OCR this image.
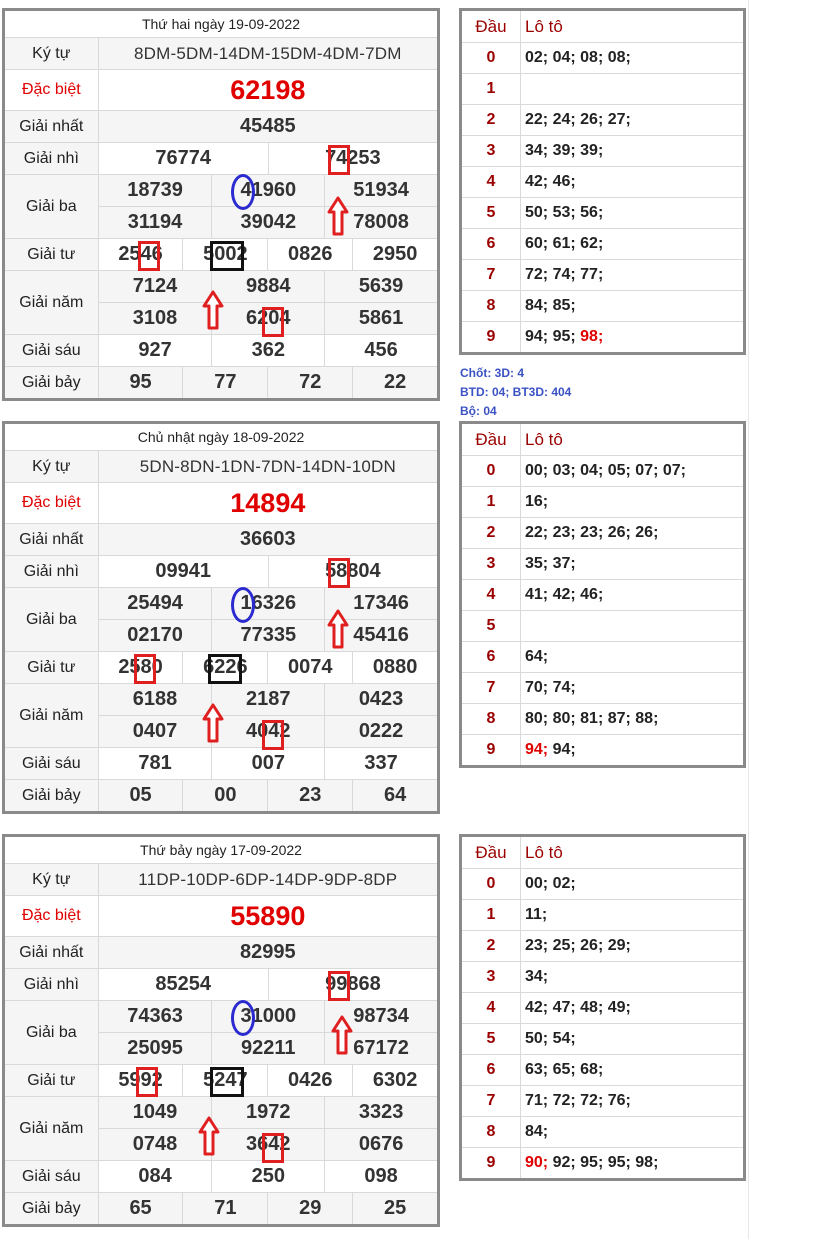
Thứ hai ngày 19-09-2022				
Ký tự	8DM-5DM-14DM-15DM-4DM-7DM			
Đặc biệt	62198			
Giải nhất	45485			
Giải nhì	76774		74253	
Giải ba	18739	41960		51934
	31194	39042		78008
Giải tư	2546 5002 0826 2950			

Giải năm	7124	9884		5639
	3108	6204		5861
Giải sáu	927	362		456
Giải bảy	95 77 72 22			
Đầu	Lô tô
0	02; 04; 08; 08;
1	
2	22; 24; 26; 27;
3	34; 39; 39;
4	42; 46;
5	50; 53; 56;
6	60; 61; 62;
7	72; 74; 77;
8	84; 85;
9	94; 95; 98;
Chủ nhật ngày 18-09-2022				
Ký tự	5DN-8DN-1DN-7DN-14DN-10DN			
Đặc biệt	14894			
Giải nhất	36603			
Giải nhì	09941		58804	
Giải ba	25494	16326		17346
	02170	77335		45416
Giải tư	2580 6226 0074 0880			

Giải năm	6188	2187		0423
	0407	4042		0222
Giải sáu	781	007		337
Giải bảy	05 00 23 64			
Đầu	Lô tô
0	00; 03; 04; 05; 07; 07;
1	16;
2	22; 23; 23; 26; 26;
3	35; 37;
4	41; 42; 46;
5	
6	64;
7	70; 74;
8	80; 80; 81; 87; 88;
9	94; 94;
Thứ bảy ngày 17-09-2022				
Ký tự	11DP-10DP-6DP-14DP-9DP-8DP			
Đặc biệt	55890			
Giải nhất	82995			
Giải nhì	85254		99868	
Giải ba	74363	31000		98734
	25095	92211		67172
Giải tư	5992 5247 0426 6302			

Giải năm	1049	1972		3323
	0748	3642		0676
Giải sáu	084	250		098
Giải bảy	65 71 29 25			
Đầu	Lô tô
0	00; 02;
1	11;
2	23; 25; 26; 29;
3	34;
4	42; 47; 48; 49;
5	50; 54;
6	63; 65; 68;
7	71; 72; 72; 76;
8	84;
9	90; 92; 95; 95; 98;
Chốt: 3D: 4
BTD: 04; BT3D: 404
Bộ: 04
